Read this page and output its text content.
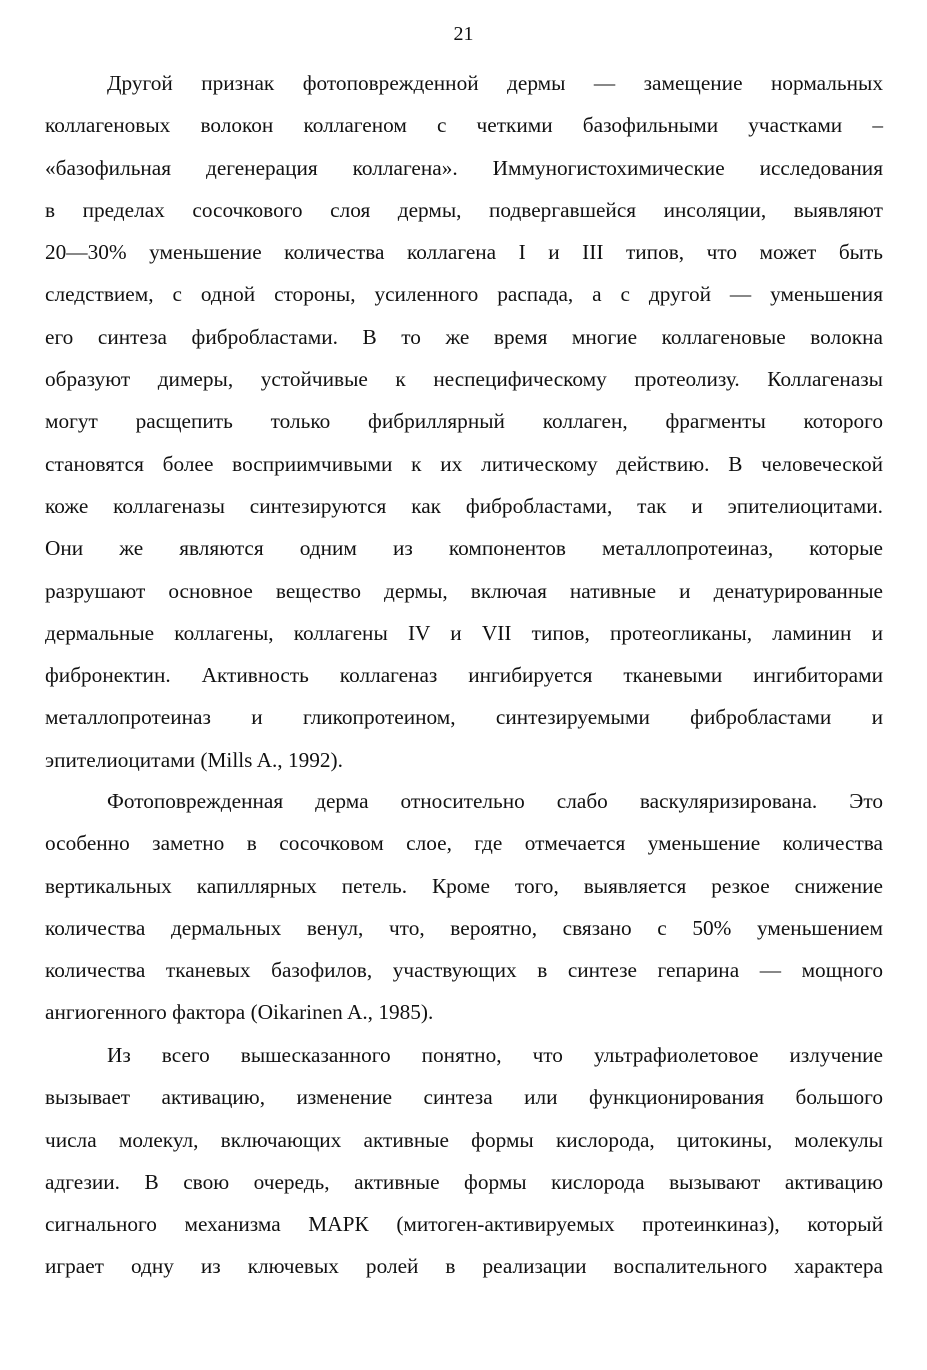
21
Другой признак фотоповрежденной дермы — замещение нормальных
коллагеновых волокон коллагеном с четкими базофильными участками –
«базофильная дегенерация коллагена». Иммуногистохимические исследования
в пределах сосочкового слоя дермы, подвергавшейся инсоляции, выявляют
20—30% уменьшение количества коллагена I и III типов, что может быть
следствием, с одной стороны, усиленного распада, а с другой — уменьшения
его синтеза фибробластами. В то же время многие коллагеновые волокна
образуют димеры, устойчивые к неспецифическому протеолизу. Коллагеназы
могут расщепить только фибриллярный коллаген, фрагменты которого
становятся более восприимчивыми к их литическому действию. В человеческой
коже коллагеназы синтезируются как фибробластами, так и эпителиоцитами.
Они же являются одним из компонентов металлопротеиназ, которые
разрушают основное вещество дермы, включая нативные и денатурированные
дермальные коллагены, коллагены IV и VII типов, протеогликаны, ламинин и
фибронектин. Активность коллагеназ ингибируется тканевыми ингибиторами
металлопротеиназ и гликопротеином, синтезируемыми фибробластами и
эпителиоцитами (Mills A., 1992).
Фотоповрежденная дерма относительно слабо васкуляризирована. Это
особенно заметно в сосочковом слое, где отмечается уменьшение количества
вертикальных капиллярных петель. Кроме того, выявляется резкое снижение
количества дермальных венул, что, вероятно, связано с 50% уменьшением
количества тканевых базофилов, участвующих в синтезе гепарина — мощного
ангиогенного фактора (Oikarinen A., 1985).
Из всего вышесказанного понятно, что ультрафиолетовое излучение
вызывает активацию, изменение синтеза или функционирования большого
числа молекул, включающих активные формы кислорода, цитокины, молекулы
адгезии. В свою очередь, активные формы кислорода вызывают активацию
сигнального механизма МАРК (митоген-активируемых протеинкиназ), который
играет одну из ключевых ролей в реализации воспалительного характера
